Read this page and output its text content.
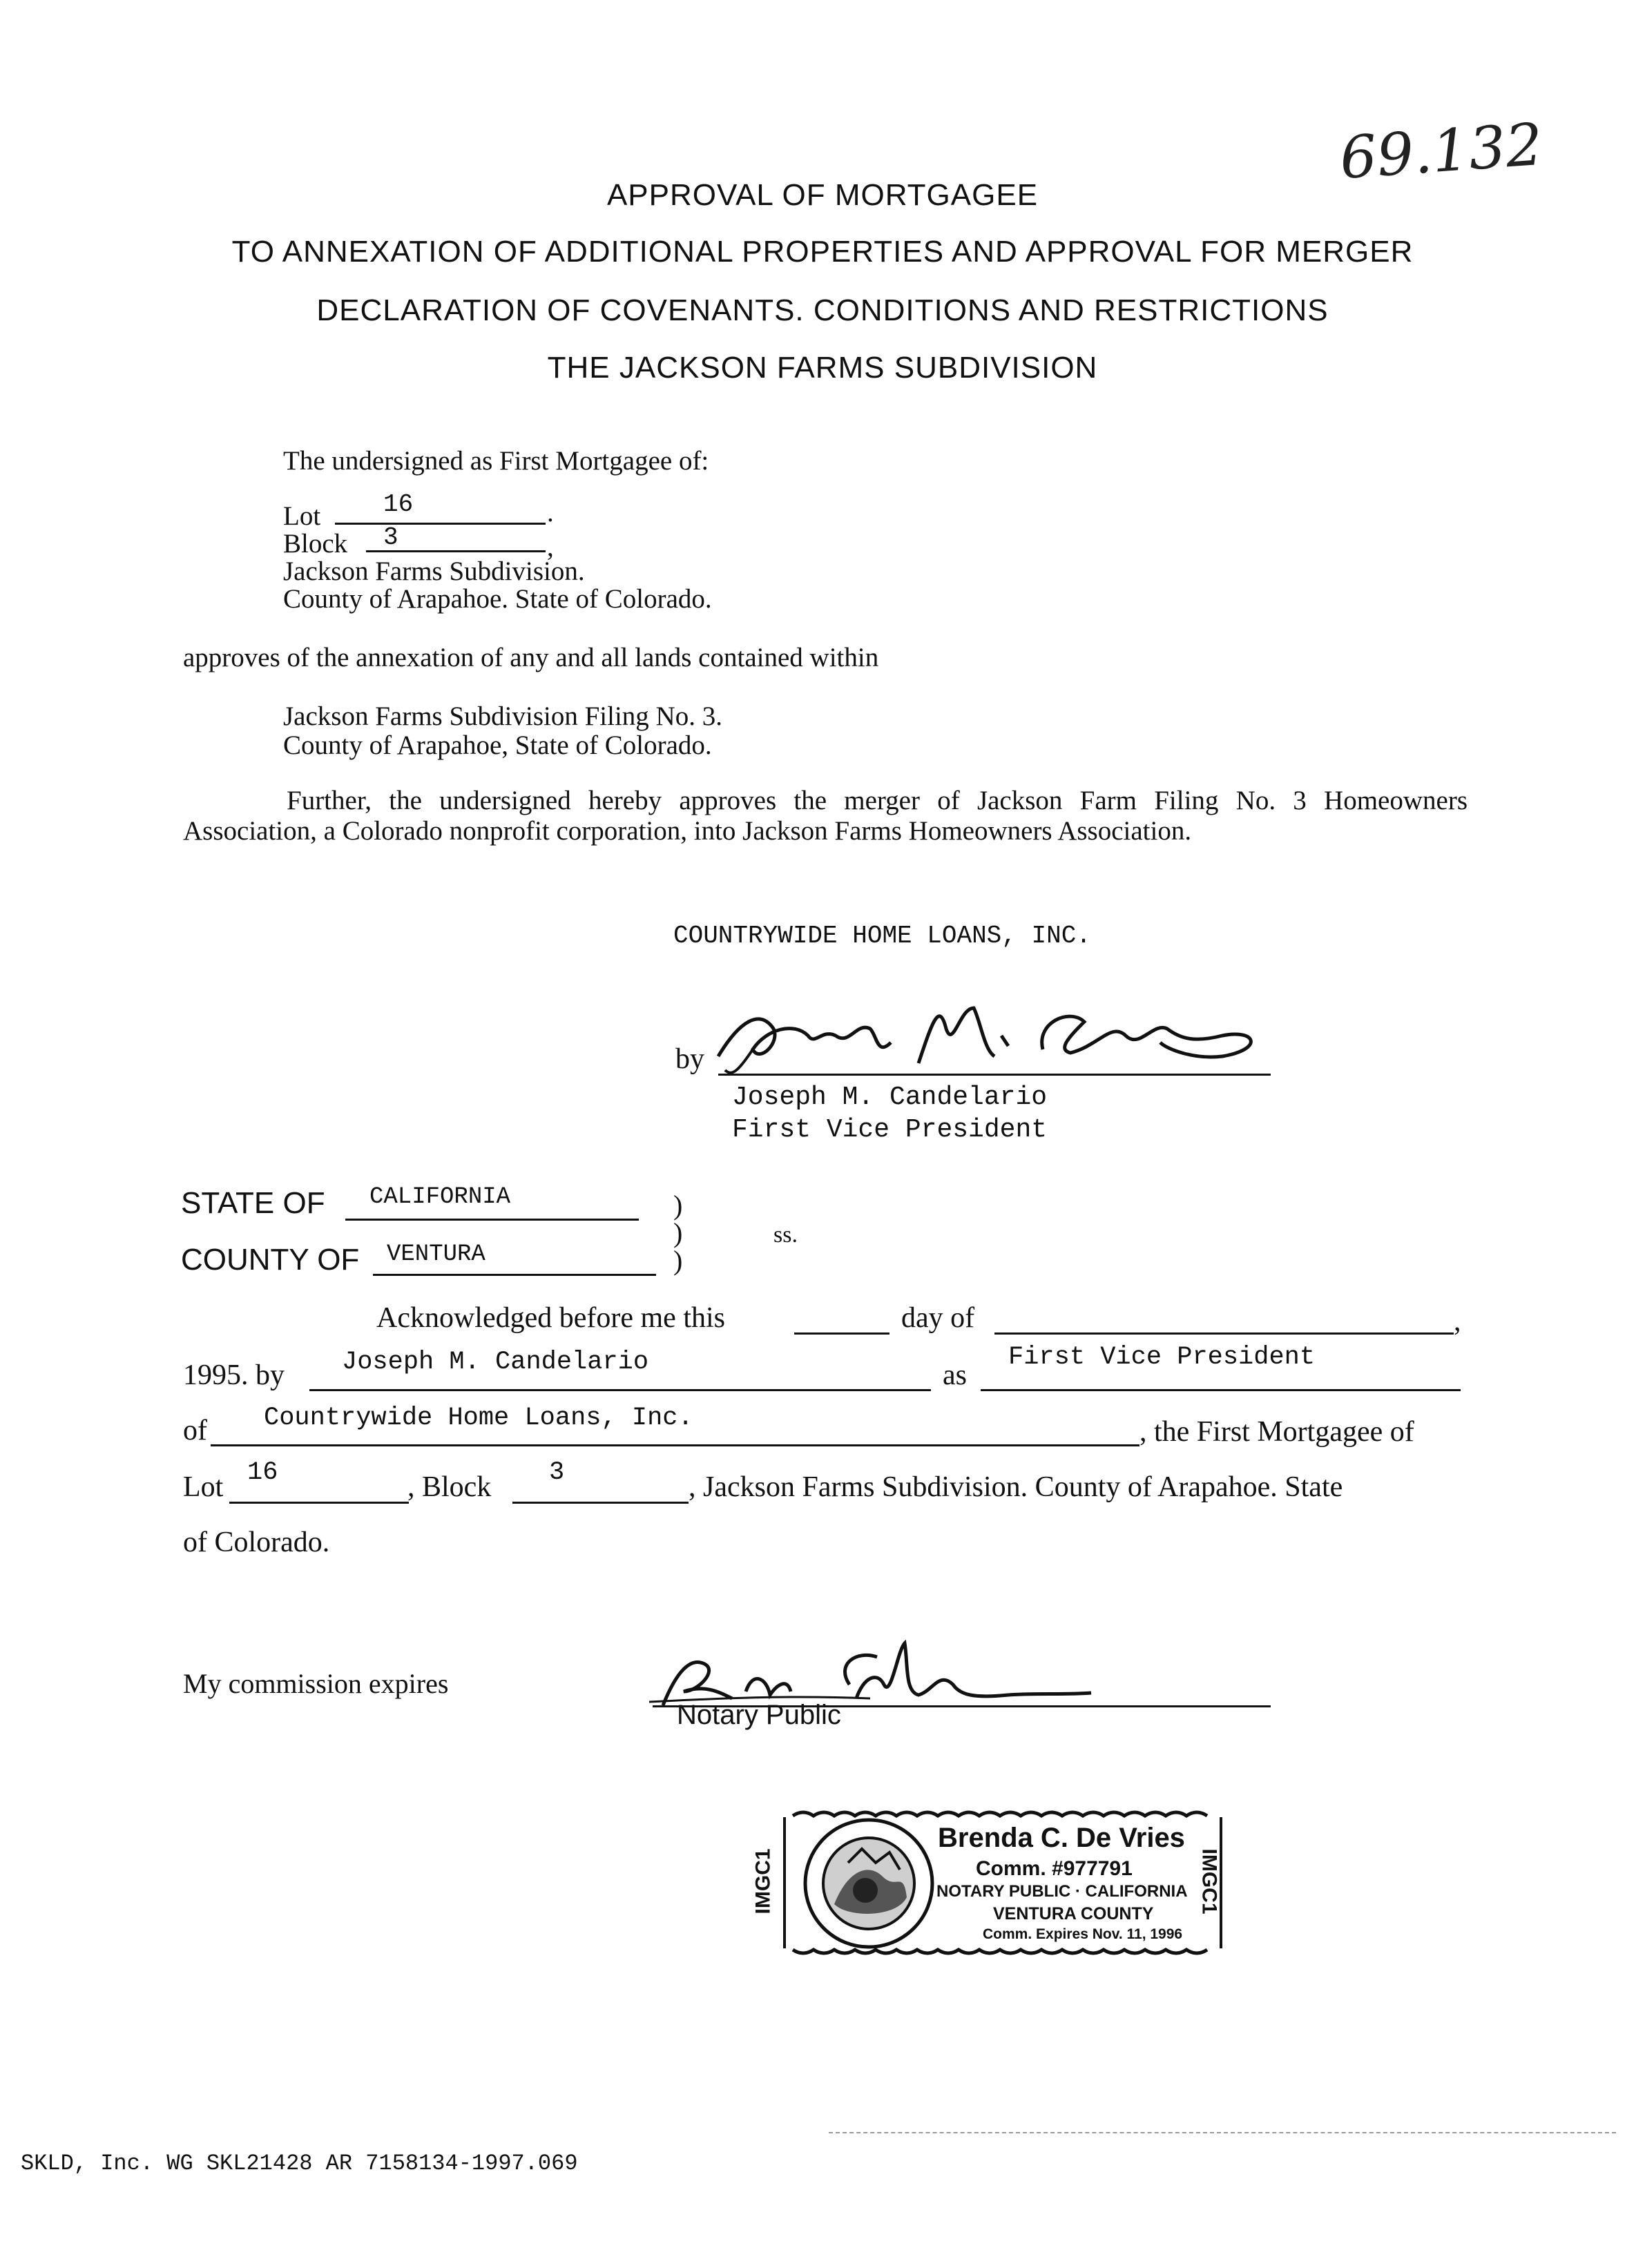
69.132
APPROVAL OF MORTGAGEE
TO ANNEXATION OF ADDITIONAL PROPERTIES AND APPROVAL FOR MERGER
DECLARATION OF COVENANTS. CONDITIONS AND RESTRICTIONS
THE JACKSON FARMS SUBDIVISION
The undersigned as First Mortgagee of:
Lot	16	.
Block 3	,
Jackson Farms Subdivision.
County of Arapahoe. State of Colorado.
approves of the annexation of any and all lands contained within
Jackson Farms Subdivision Filing No. 3.
County of Arapahoe, State of Colorado.
Further, the undersigned hereby approves the merger of Jackson Farm Filing No. 3 Homeowners Association, a Colorado nonprofit corporation, into Jackson Farms Homeowners Association.
COUNTRYWIDE HOME LOANS, INC.
by
Joseph M. Candelario
First Vice President
STATE OF CALIFORNIA	)
)
)
ss.
COUNTY OF VENTURA
Acknowledged before me this	day of	,
1995. by Joseph M. Candelario	as
First Vice President
of Countrywide Home Loans, Inc.	, the First Mortgagee of
Lot 16	, Block 3	, Jackson Farms Subdivision. County of Arapahoe. State
of Colorado.
My commission expires
Notary Public
Brenda C. De Vries
Comm. #977791
NOTARY PUBLIC · CALIFORNIA
VENTURA COUNTY
Comm. Expires Nov. 11, 1996
IMGC1	IMGC1
SKLD, Inc. WG SKL21428 AR 7158134-1997.069
